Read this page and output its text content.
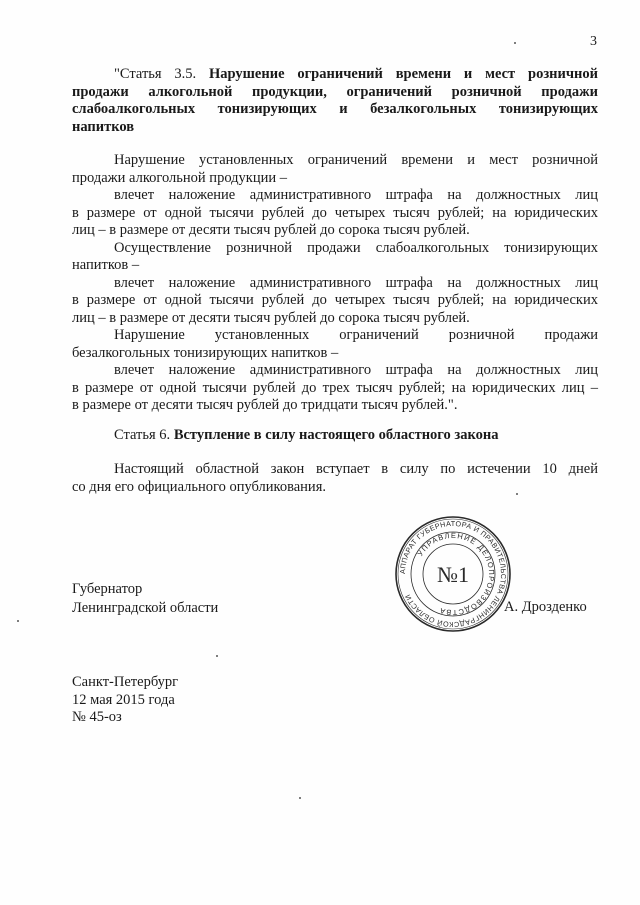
3

"Статья 3.5. Нарушение ограничений времени и мест розничной

продажи алкогольной продукции, ограничений розничной продажи

слабоалкогольных тонизирующих и безалкогольных тонизирующих

напитков

Нарушение установленных ограничений времени и мест розничной

продажи алкогольной продукции –

влечет наложение административного штрафа на должностных лиц

в размере от одной тысячи рублей до четырех тысяч рублей; на юридических

лиц – в размере от десяти тысяч рублей до сорока тысяч рублей.

Осуществление розничной продажи слабоалкогольных тонизирующих

напитков –

влечет наложение административного штрафа на должностных лиц

в размере от одной тысячи рублей до четырех тысяч рублей; на юридических

лиц – в размере от десяти тысяч рублей до сорока тысяч рублей.

Нарушение установленных ограничений розничной продажи

безалкогольных тонизирующих напитков –

влечет наложение административного штрафа на должностных лиц

в размере от одной тысячи рублей до трех тысяч рублей; на юридических лиц –

в размере от десяти тысяч рублей до тридцати тысяч рублей.".

Статья 6. Вступление в силу настоящего областного закона

Настоящий областной закон вступает в силу по истечении 10 дней

со дня его официального опубликования.

АППАРАТ ГУБЕРНАТОРА И ПРАВИТЕЛЬСТВА ЛЕНИНГРАДСКОЙ ОБЛАСТИ
УПРАВЛЕНИЕ ДЕЛОПРОИЗВОДСТВА
№1
Губернатор
Ленинградской области	А. Дрозденко
Санкт-Петербург
12 мая 2015 года
№ 45-оз
